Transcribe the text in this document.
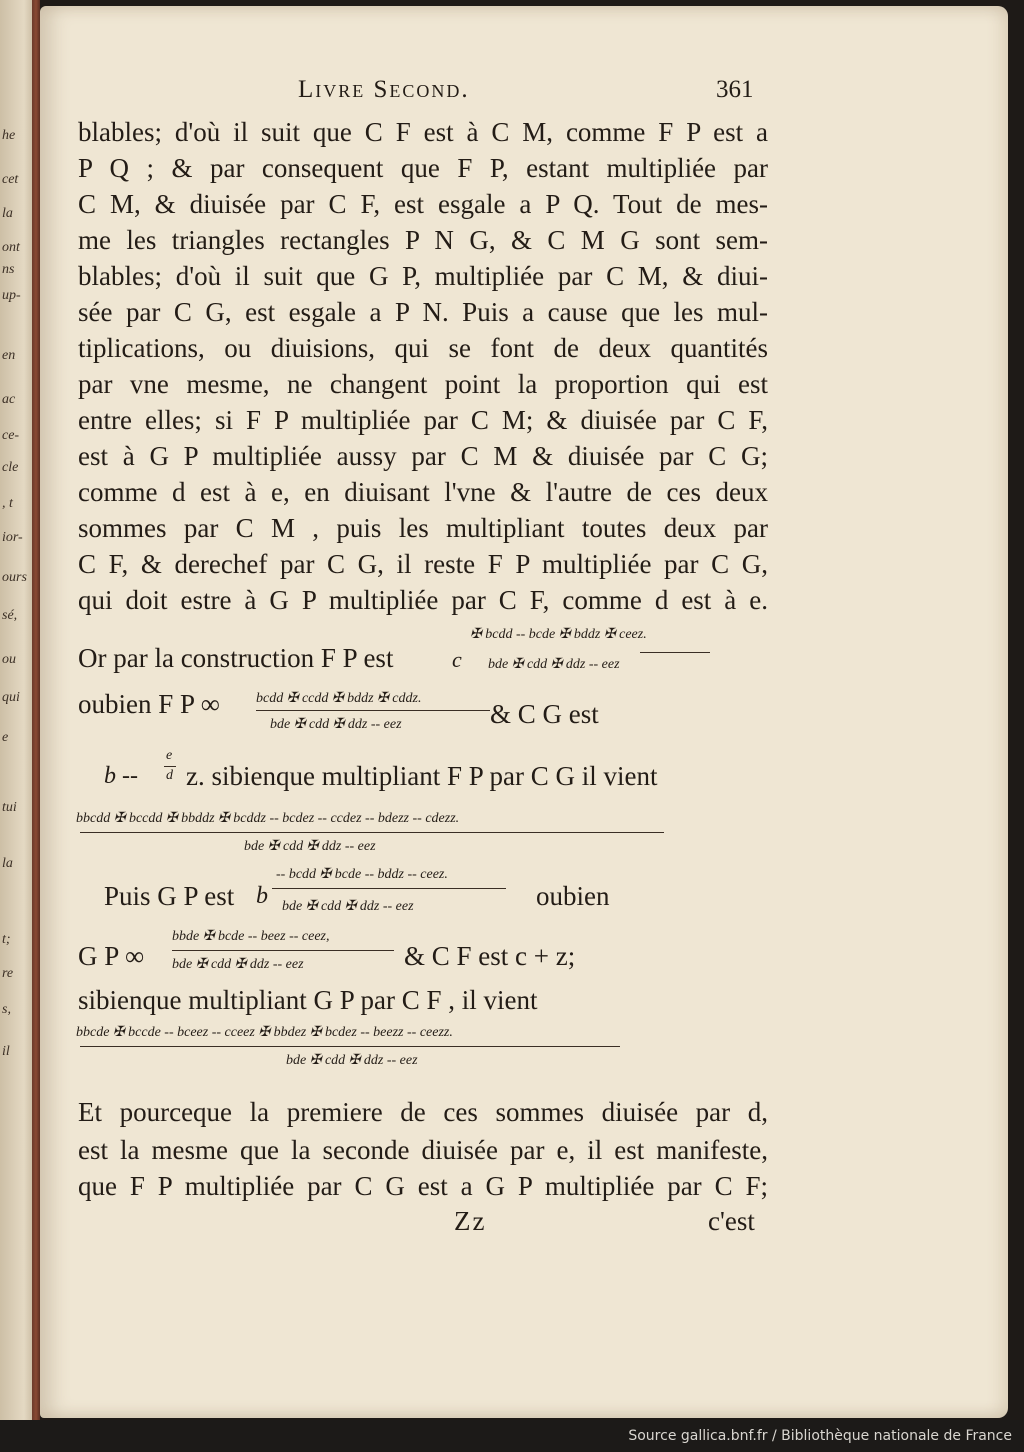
he
cet
la
ont
ns
up-
en
ac
ce-
cle
, t
ior-
ours
sé,
ou
qui
e
tui
la
t;
re
s,
il
Livre Second.	361
blables; d'où il suit que C F est à C M, comme F P est a
P Q ; & par consequent que F P, estant multipliée par
C M, & diuisée par C F, est esgale a P Q. Tout de mes-
me les triangles rectangles P N G, & C M G sont sem-
blables; d'où il suit que G P, multipliée par C M, & diui-
sée par C G, est esgale a P N. Puis a cause que les mul-
tiplications, ou diuisions, qui se font de deux quantités
par vne mesme, ne changent point la proportion qui est
entre elles; si F P multipliée par C M; & diuisée par C F,
est à G P multipliée aussy par C M & diuisée par C G;
comme d est à e, en diuisant l'vne & l'autre de ces deux
sommes par C M , puis les multipliant toutes deux par
C F, & derechef par C G, il reste F P multipliée par C G,
qui doit estre à G P multipliée par C F, comme d est à e.
Or par la construction F P est	c
✠ bcdd -- bcde ✠ bddz ✠ ceez.
bde ✠ cdd ✠ ddz -- eez
oubien F P ∞	bcdd ✠ ccdd ✠ bddz ✠ cddz.
bde ✠ cdd ✠ ddz -- eez	& C G est
b --
e
d z. sibienque multipliant F P par C G il vient
bbcdd ✠ bccdd ✠ bbddz ✠ bcddz -- bcdez -- ccdez -- bdezz -- cdezz.
bde ✠ cdd ✠ ddz -- eez
Puis G P est b
-- bcdd ✠ bcde -- bddz -- ceez.
bde ✠ cdd ✠ ddz -- eez	oubien
G P ∞
bbde ✠ bcde -- beez -- ceez,
bde ✠ cdd ✠ ddz -- eez	& C F est c + z;
sibienque multipliant G P par C F , il vient
bbcde ✠ bccde -- bceez -- cceez ✠ bbdez ✠ bcdez -- beezz -- ceezz.
bde ✠ cdd ✠ ddz -- eez
Et pourceque la premiere de ces sommes diuisée par d,
est la mesme que la seconde diuisée par e, il est manifeste,
que F P multipliée par C G est a G P multipliée par C F;
Zz	c'est
Source gallica.bnf.fr / Bibliothèque nationale de France
